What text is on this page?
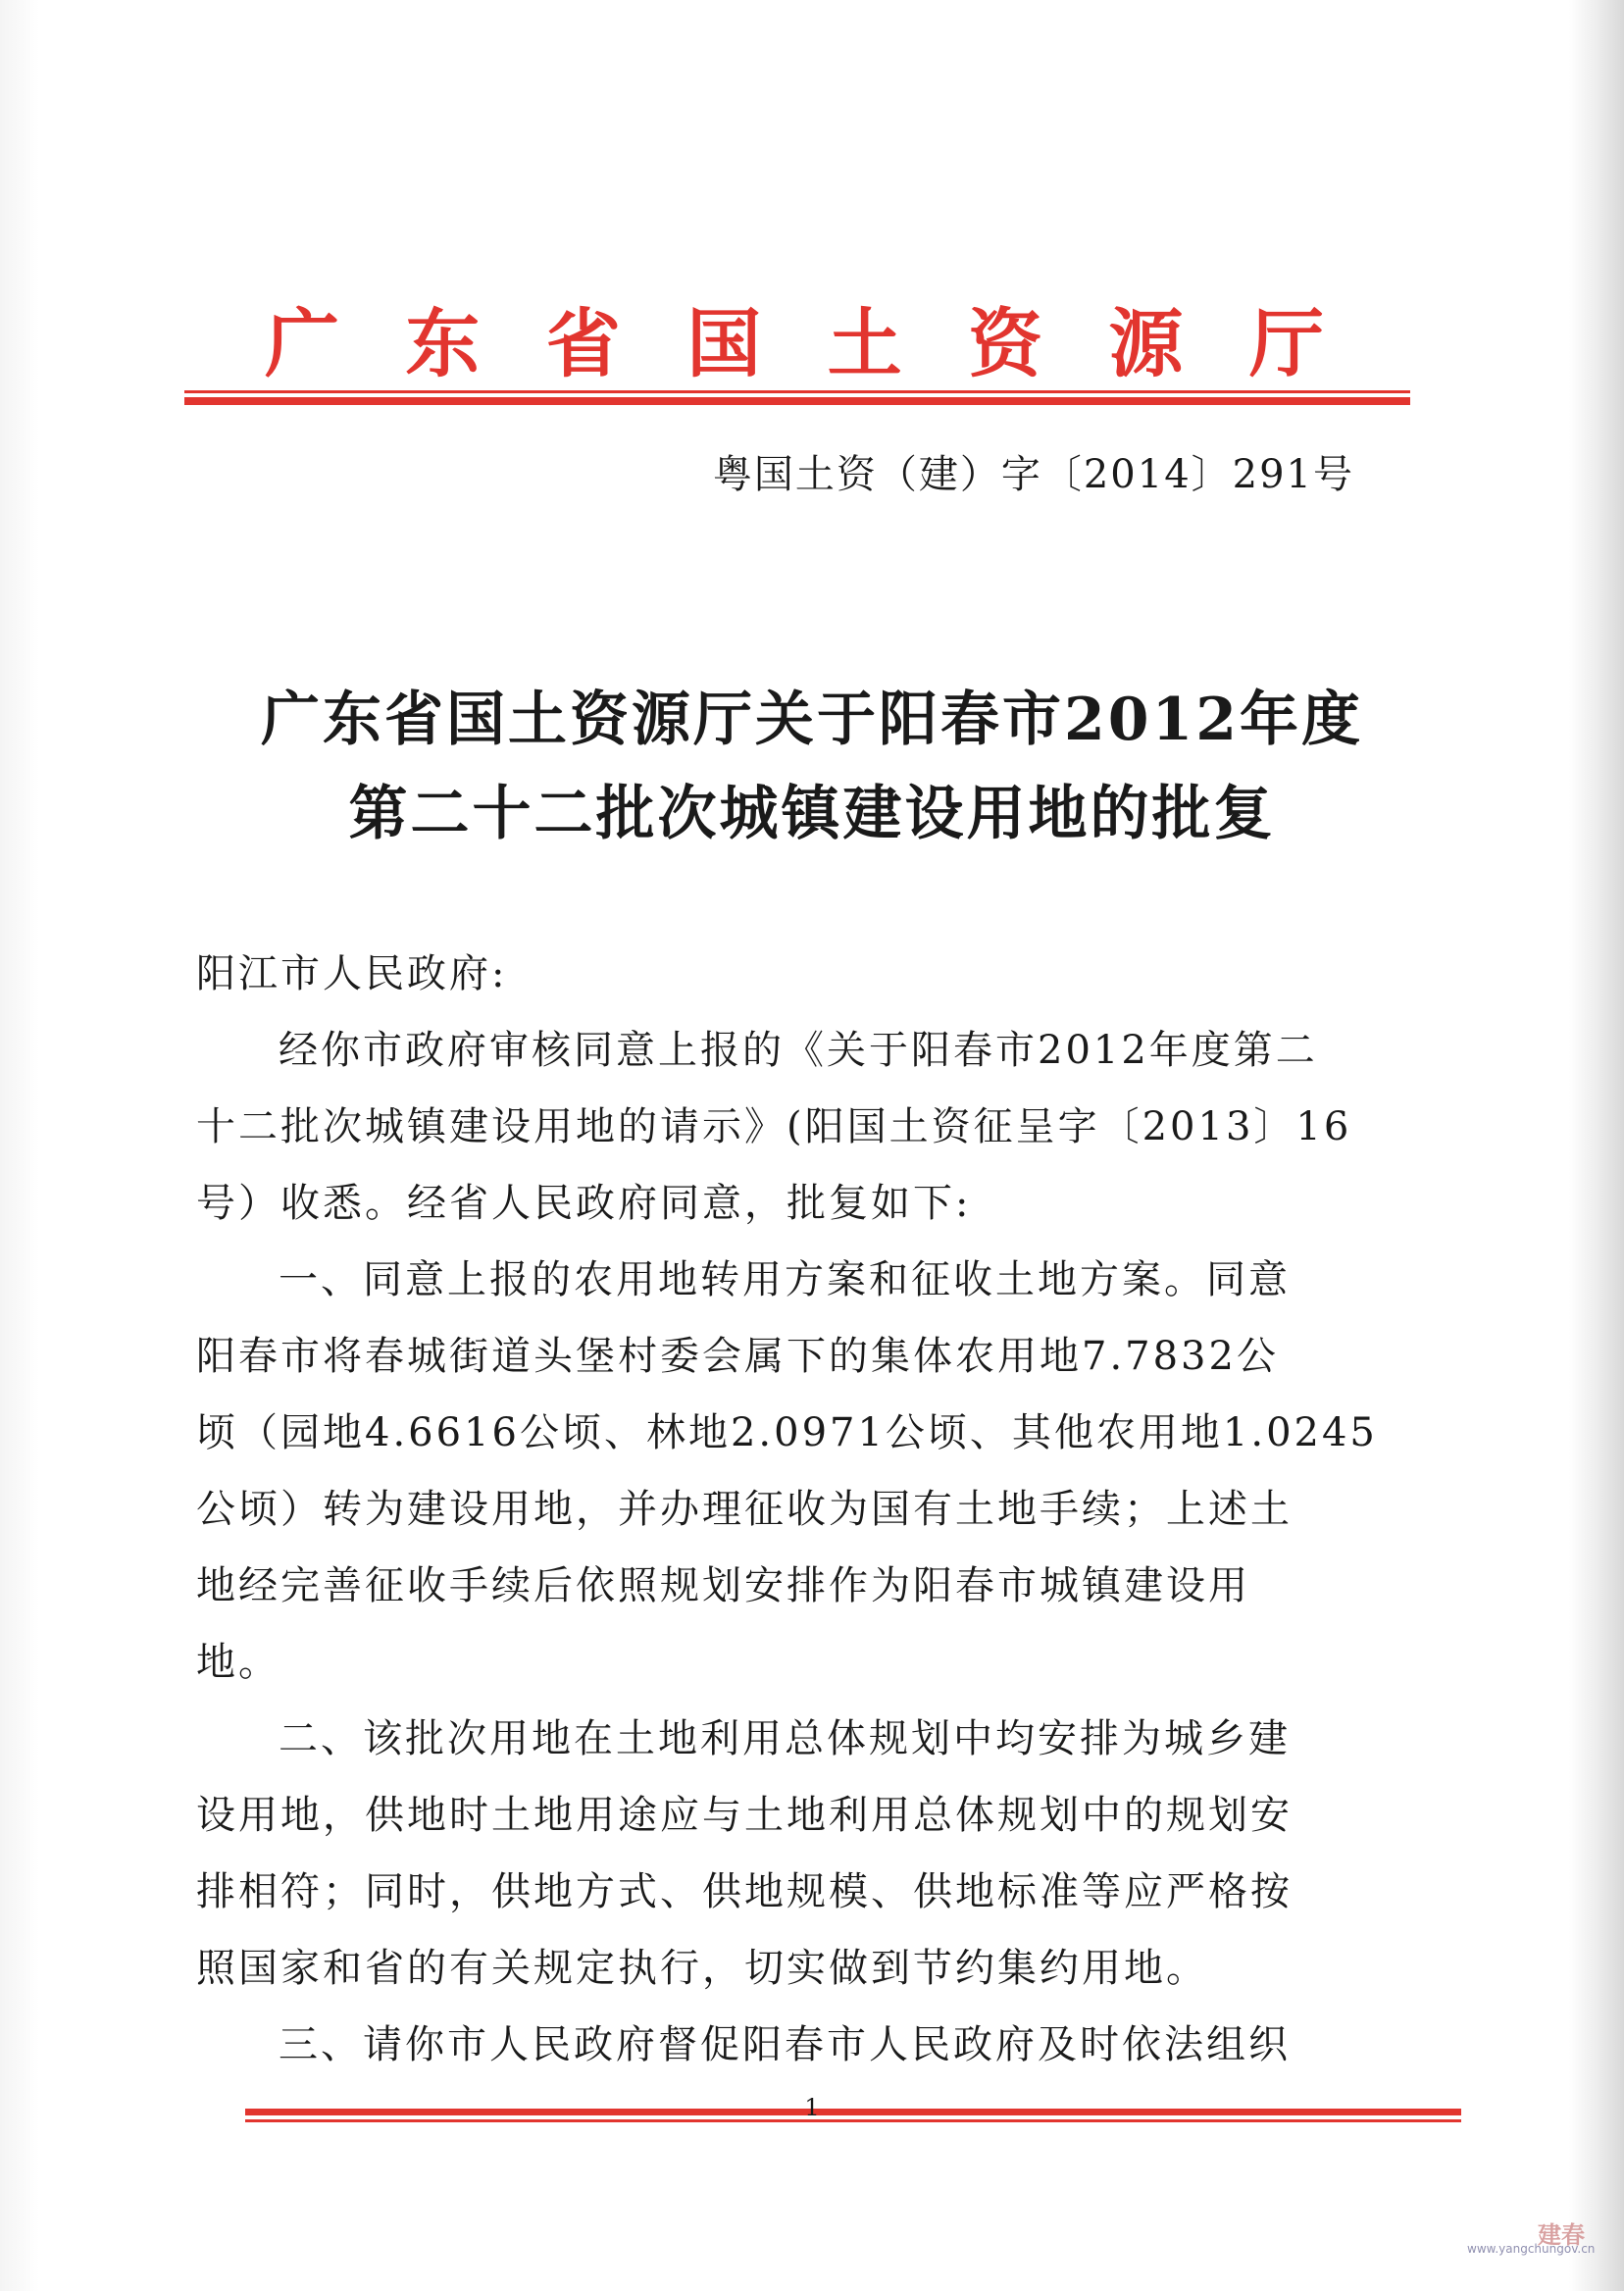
广 东 省 国 土 资 源 厅
粤国土资（建）字〔2014〕291号
广东省国土资源厅关于阳春市2012年度
第二十二批次城镇建设用地的批复
阳江市人民政府:
经你市政府审核同意上报的《关于阳春市2012年度第二
十二批次城镇建设用地的请示》(阳国土资征呈字〔2013〕16
号）收悉。经省人民政府同意，批复如下:
一、同意上报的农用地转用方案和征收土地方案。同意
阳春市将春城街道头堡村委会属下的集体农用地7.7832公
顷（园地4.6616公顷、林地2.0971公顷、其他农用地1.0245
公顷）转为建设用地，并办理征收为国有土地手续；上述土
地经完善征收手续后依照规划安排作为阳春市城镇建设用
地。
二、该批次用地在土地利用总体规划中均安排为城乡建
设用地，供地时土地用途应与土地利用总体规划中的规划安
排相符；同时，供地方式、供地规模、供地标准等应严格按
照国家和省的有关规定执行，切实做到节约集约用地。
三、请你市人民政府督促阳春市人民政府及时依法组织
1
建春
www.yangchungov.cn
